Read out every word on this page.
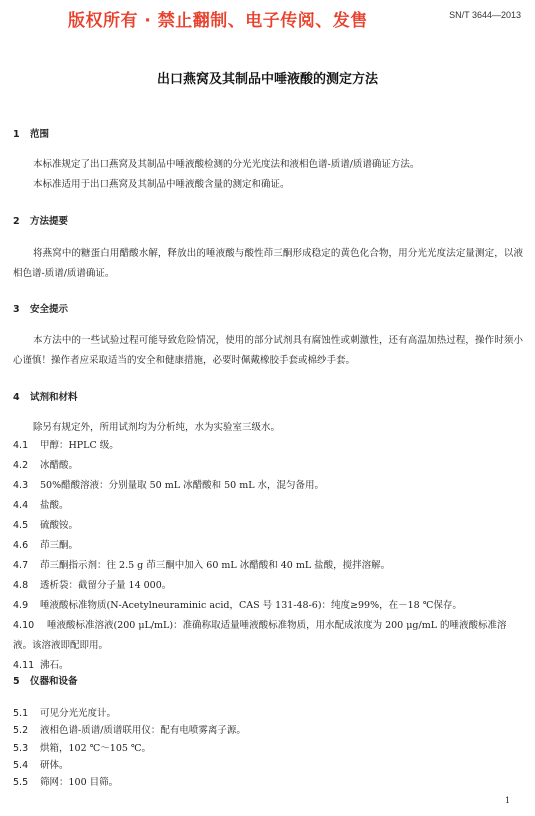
版权所有 · 禁止翻制、电子传阅、发售	SN/T 3644—2013
出口燕窝及其制品中唾液酸的测定方法
1 范围
本标准规定了出口燕窝及其制品中唾液酸检测的分光光度法和液相色谱-质谱/质谱确证方法。
本标准适用于出口燕窝及其制品中唾液酸含量的测定和确证。
2 方法提要
将燕窝中的糖蛋白用醋酸水解，释放出的唾液酸与酸性茚三酮形成稳定的黄色化合物，用分光光度法定量测定，以液相色谱-质谱/质谱确证。
3 安全提示
本方法中的一些试验过程可能导致危险情况，使用的部分试剂具有腐蚀性或刺激性，还有高温加热过程，操作时须小心谨慎！操作者应采取适当的安全和健康措施，必要时佩戴橡胶手套或棉纱手套。
4 试剂和材料
除另有规定外，所用试剂均为分析纯，水为实验室三级水。
4.1 甲醇：HPLC 级。
4.2 冰醋酸。
4.3 50%醋酸溶液：分别量取 50 mL 冰醋酸和 50 mL 水，混匀备用。
4.4 盐酸。
4.5 硫酸铵。
4.6 茚三酮。
4.7 茚三酮指示剂：往 2.5 g 茚三酮中加入 60 mL 冰醋酸和 40 mL 盐酸，搅拌溶解。
4.8 透析袋：截留分子量 14 000。
4.9 唾液酸标准物质(N-Acetylneuraminic acid，CAS 号 131-48-6)：纯度≥99%，在－18 ℃保存。
4.10 唾液酸标准溶液(200 μL/mL)：准确称取适量唾液酸标准物质，用水配成浓度为 200 μg/mL 的唾液酸标准溶液。该溶液即配即用。
4.11 沸石。
5 仪器和设备
5.1 可见分光光度计。
5.2 液相色谱-质谱/质谱联用仪：配有电喷雾离子源。
5.3 烘箱，102 ℃～105 ℃。
5.4 研体。
5.5 筛网：100 目筛。
1
